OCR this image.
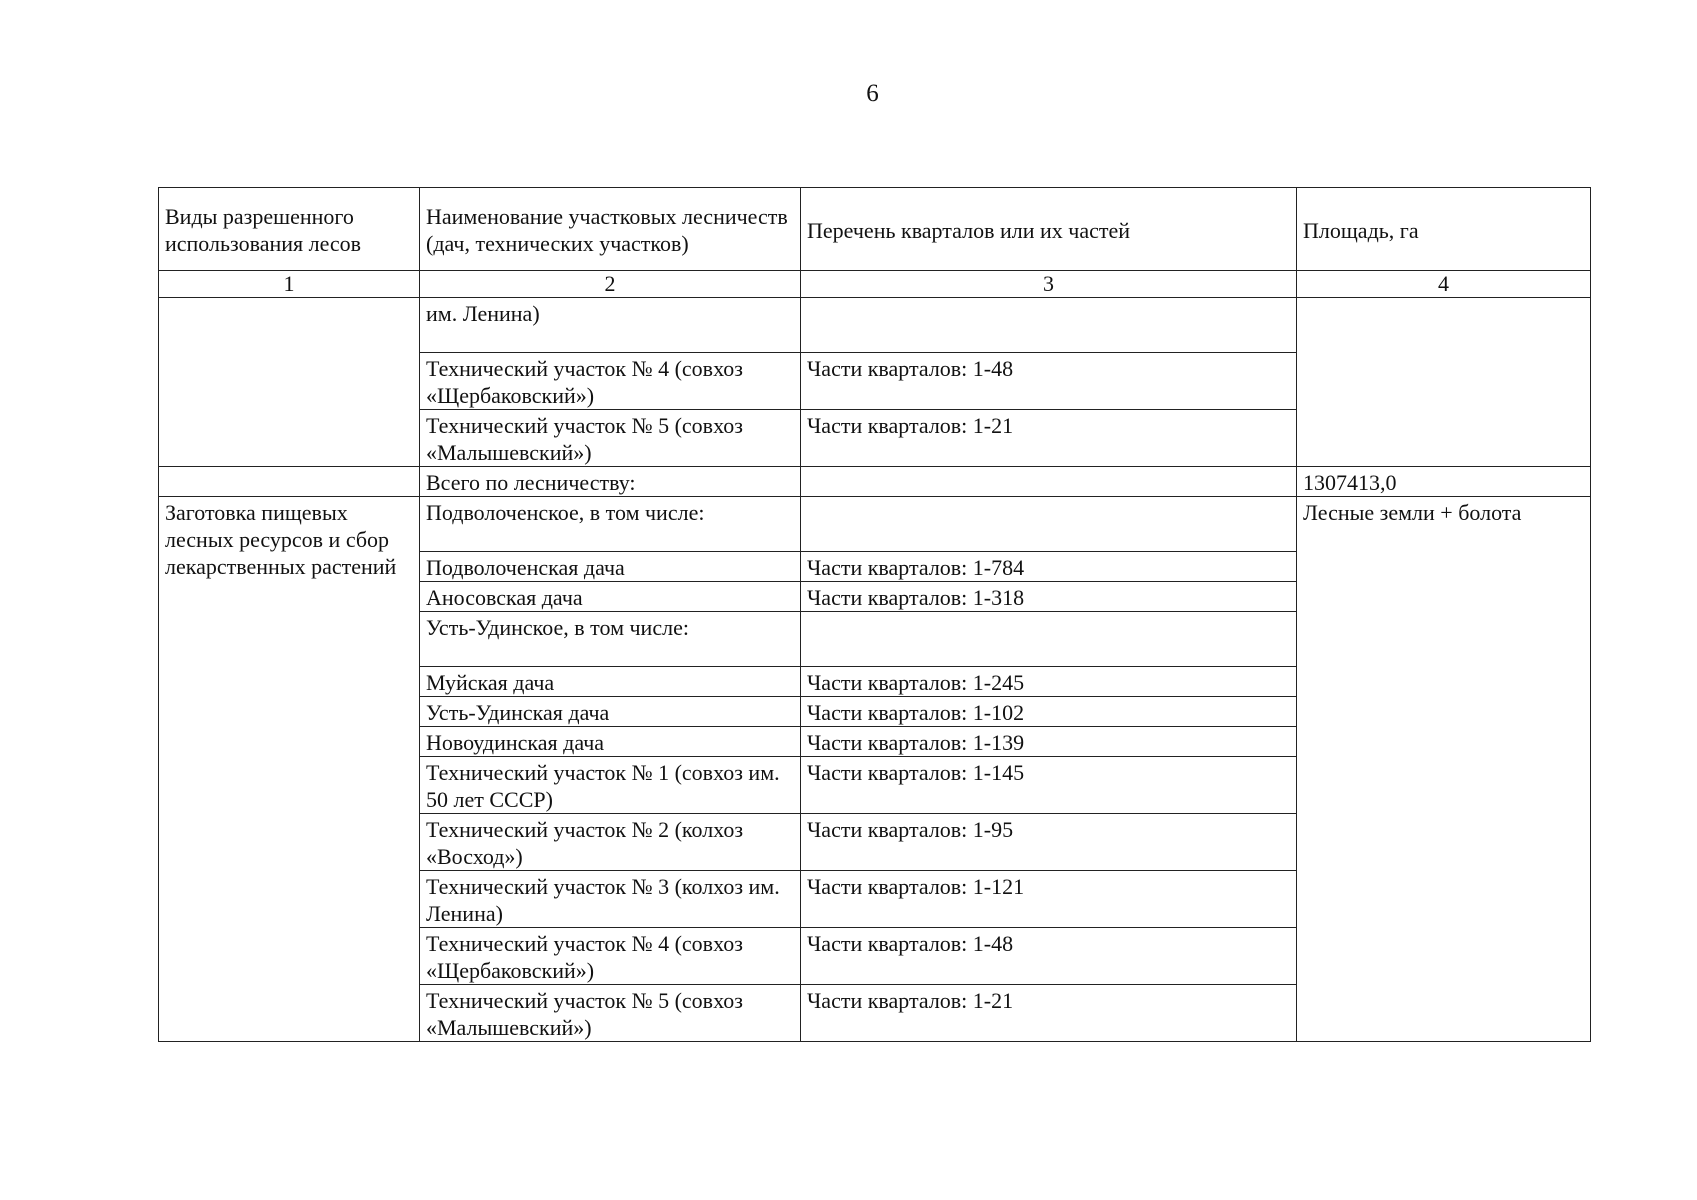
6
Виды разрешенного использования лесов	Наименование участковых лесничеств (дач, технических участков)	Перечень кварталов или их частей	Площадь, га
1	2	3	4
	им. Ленина)		
	Технический участок № 4 (совхоз «Щербаковский»)	Части кварталов: 1-48	
	Технический участок № 5 (совхоз «Малышевский»)	Части кварталов: 1-21	
	Всего по лесничеству:		1307413,0
Заготовка пищевых лесных ресурсов и сбор лекарственных растений	Подволоченское, в том числе:		Лесные земли + болота
	Подволоченская дача	Части кварталов: 1-784	
	Аносовская дача	Части кварталов: 1-318	
	Усть-Удинское, в том числе:		
	Муйская дача	Части кварталов: 1-245	
	Усть-Удинская дача	Части кварталов: 1-102	
	Новоудинская дача	Части кварталов: 1-139	
	Технический участок № 1 (совхоз им. 50 лет СССР)	Части кварталов: 1-145	
	Технический участок № 2 (колхоз «Восход»)	Части кварталов: 1-95	
	Технический участок № 3 (колхоз им. Ленина)	Части кварталов: 1-121	
	Технический участок № 4 (совхоз «Щербаковский»)	Части кварталов: 1-48	
	Технический участок № 5 (совхоз «Малышевский»)	Части кварталов: 1-21	
